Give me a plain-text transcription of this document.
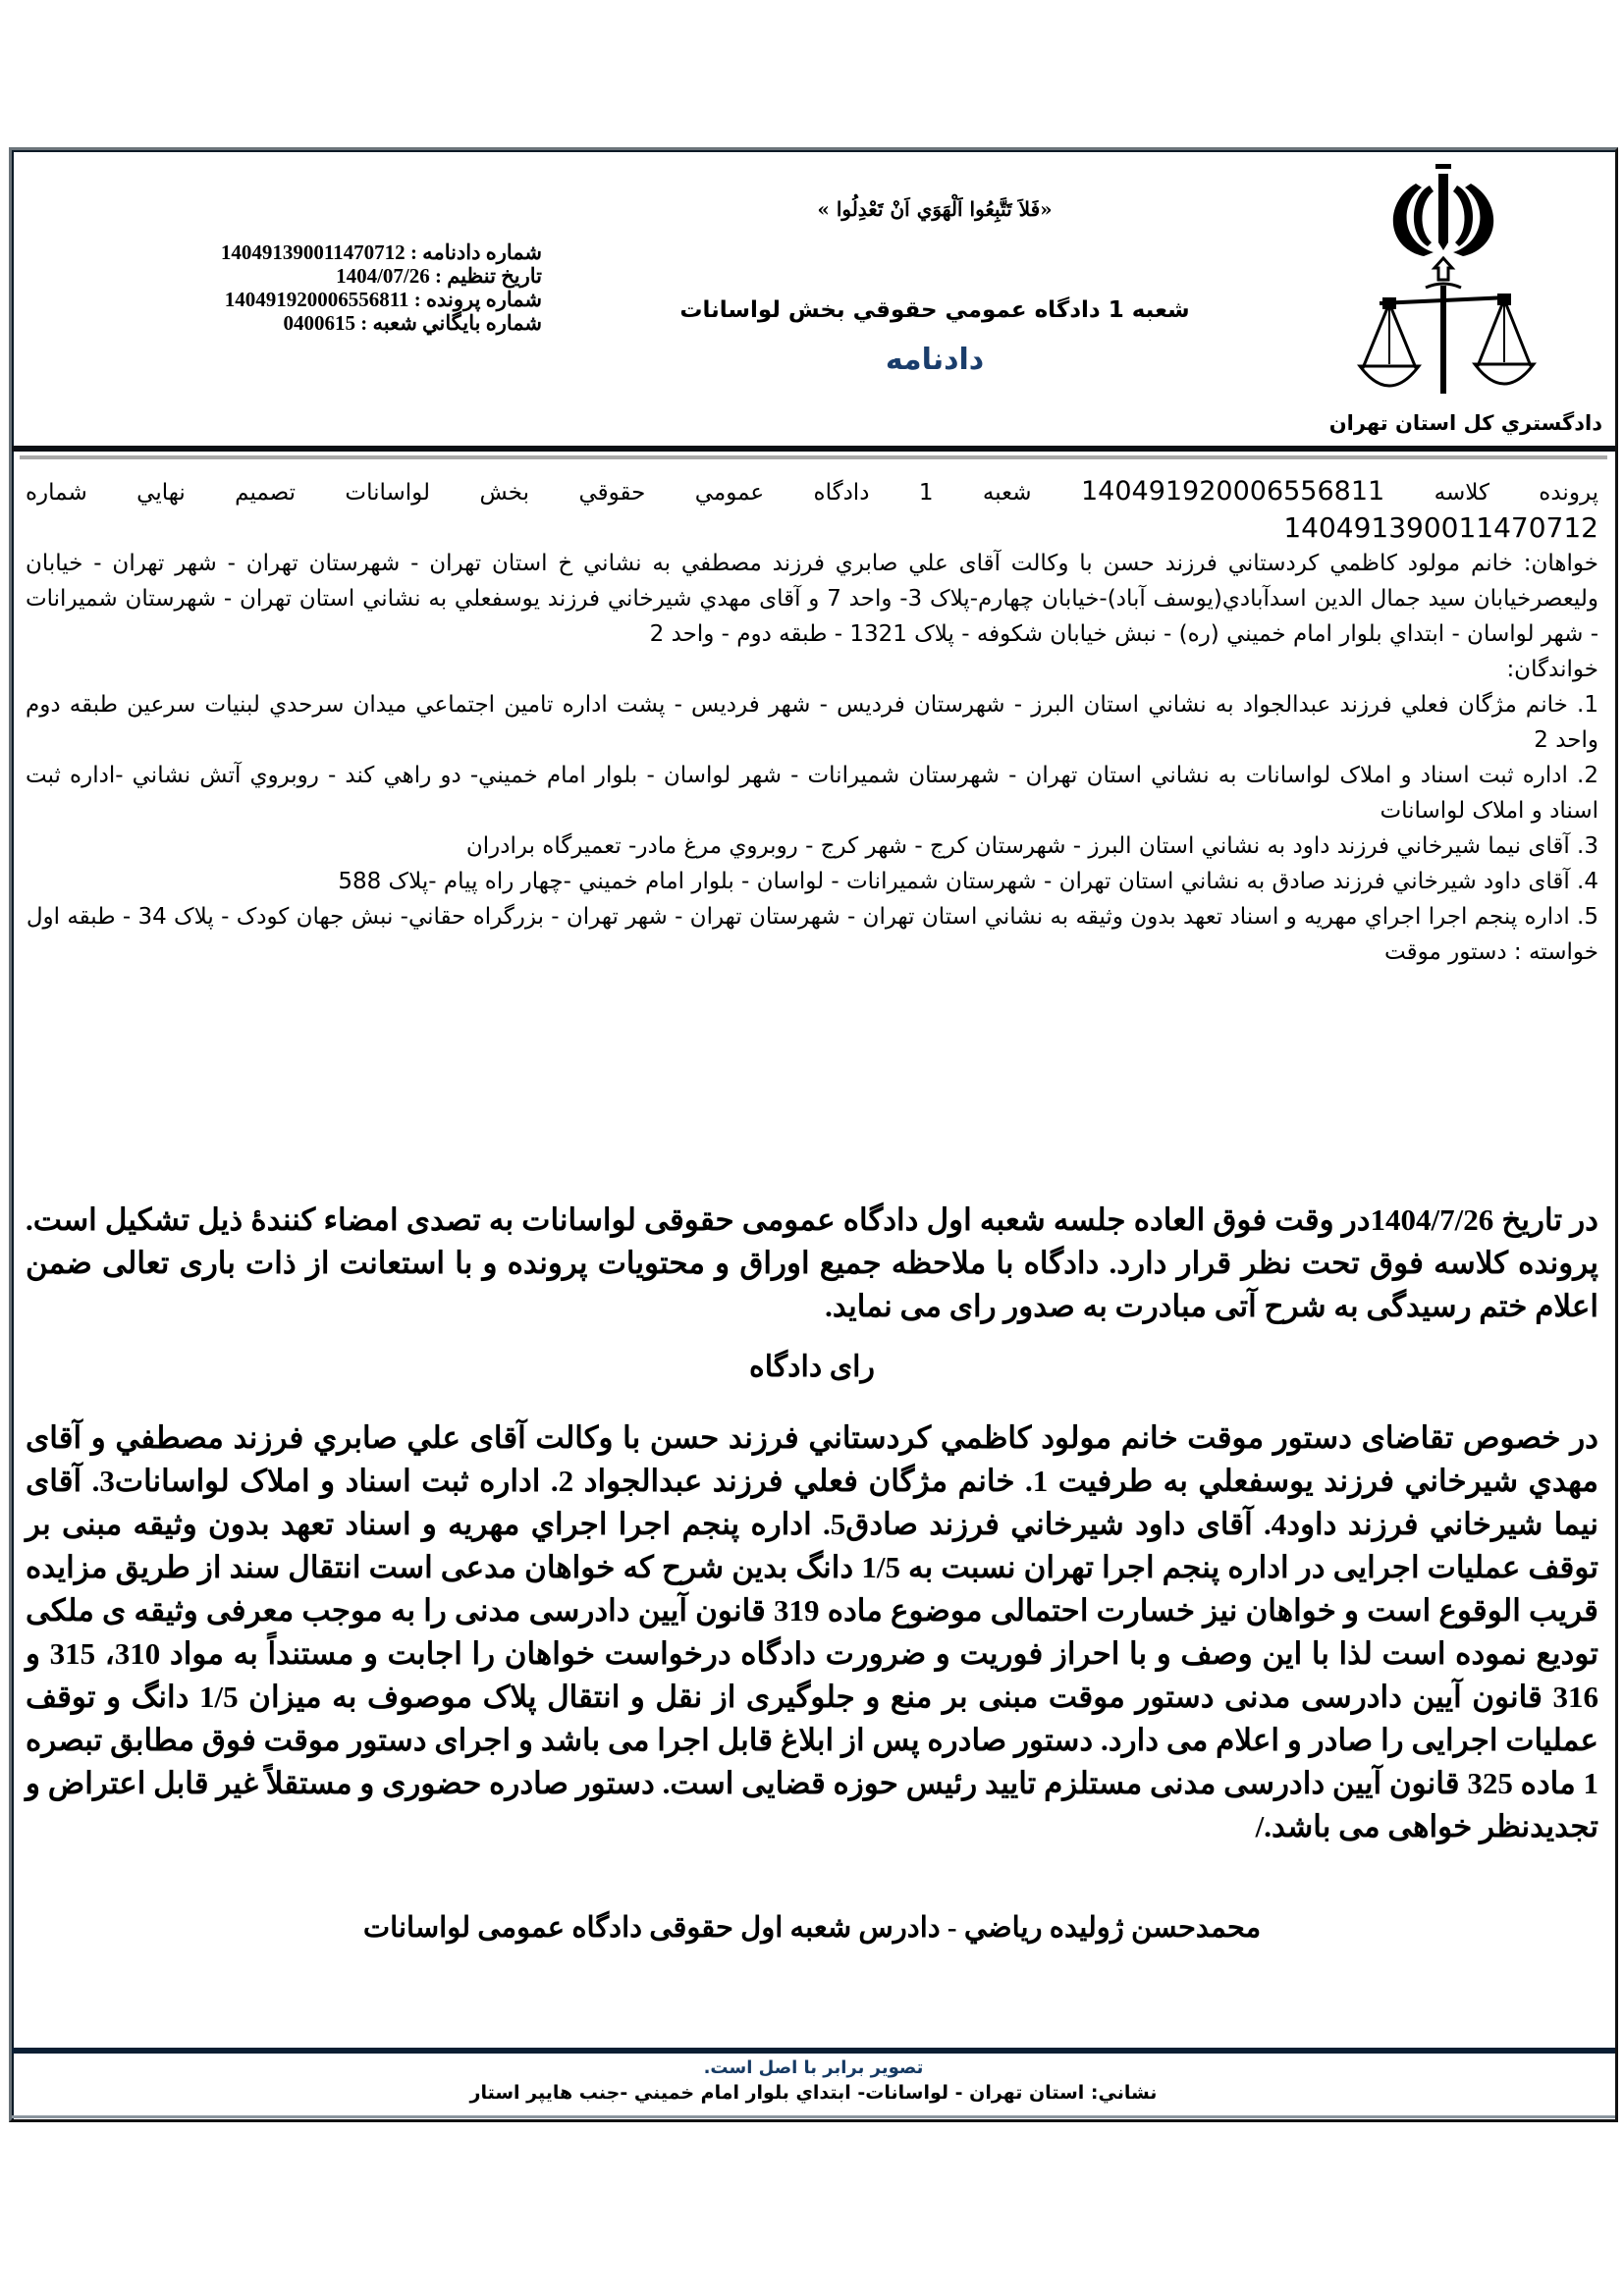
شماره دادنامه : 140491390011470712
تاريخ تنظيم : 1404/07/26
شماره پرونده : 140491920006556811
شماره بايگاني شعبه : 0400615
«فَلاَ تَتَّبِعُوا اَلْهَوَي اَنْ تَعْدِلُوا »
شعبه 1 دادگاه عمومي حقوقي بخش لواسانات
دادنامه
دادگستري کل استان تهران

پرونده کلاسه 140491920006556811 شعبه 1 دادگاه عمومي حقوقي بخش لواسانات تصميم نهايي شماره

140491390011470712

خواهان: خانم مولود کاظمي کردستاني فرزند حسن با وکالت آقای علي صابري فرزند مصطفي به نشاني خ استان تهران - شهرستان تهران - شهر تهران - خيابان وليعصرخيابان سيد جمال الدين اسدآبادي(يوسف آباد)-خيابان چهارم-پلاک 3- واحد 7 و آقای مهدي شيرخاني فرزند يوسفعلي به نشاني استان تهران - شهرستان شميرانات - شهر لواسان - ابتداي بلوار امام خميني (ره) - نبش خيابان شکوفه - پلاک 1321 - طبقه دوم - واحد 2

خواندگان:

1. خانم مژگان فعلي فرزند عبدالجواد به نشاني استان البرز - شهرستان فرديس - شهر فرديس - پشت اداره تامين اجتماعي ميدان سرحدي لبنيات سرعين طبقه دوم واحد 2

2. اداره ثبت اسناد و املاک لواسانات به نشاني استان تهران - شهرستان شميرانات - شهر لواسان - بلوار امام خميني- دو راهي کند - روبروي آتش نشاني -اداره ثبت اسناد و املاک لواسانات

3. آقای نيما شيرخاني فرزند داود به نشاني استان البرز - شهرستان کرج - شهر کرج - روبروي مرغ مادر- تعميرگاه برادران

4. آقای داود شيرخاني فرزند صادق به نشاني استان تهران - شهرستان شميرانات - لواسان - بلوار امام خميني -چهار راه پيام -پلاک 588

5. اداره پنجم اجرا اجراي مهريه و اسناد تعهد بدون وثيقه به نشاني استان تهران - شهرستان تهران - شهر تهران - بزرگراه حقاني- نبش جهان کودک - پلاک 34 - طبقه اول

خواسته : دستور موقت

در تاريخ 1404/7/26در وقت فوق العاده جلسه شعبه اول دادگاه عمومی حقوقی لواسانات به تصدی امضاء کنندۀ ذيل تشکيل است. پرونده کلاسه فوق تحت نظر قرار دارد. دادگاه با ملاحظه جميع اوراق و محتويات پرونده و با استعانت از ذات باری تعالی ضمن اعلام ختم رسيدگی به شرح آتی مبادرت به صدور رای می نمايد.

رای دادگاه

در خصوص تقاضای دستور موقت خانم مولود کاظمي کردستاني فرزند حسن با وکالت آقای علي صابري فرزند مصطفي و آقای مهدي شيرخاني فرزند يوسفعلي به طرفيت 1. خانم مژگان فعلي فرزند عبدالجواد 2. اداره ثبت اسناد و املاک لواسانات3. آقای نيما شيرخاني فرزند داود4. آقای داود شيرخاني فرزند صادق5. اداره پنجم اجرا اجراي مهريه و اسناد تعهد بدون وثيقه مبنی بر توقف عمليات اجرايی در اداره پنجم اجرا تهران نسبت به 1/5 دانگ بدين شرح که خواهان مدعی است انتقال سند از طريق مزايده قريب الوقوع است و خواهان نيز خسارت احتمالی موضوع ماده 319 قانون آيين دادرسی مدنی را به موجب معرفی وثيقه ی ملکی توديع نموده است لذا با اين وصف و با احراز فوريت و ضرورت دادگاه درخواست خواهان را اجابت و مستنداً به مواد 310، 315 و 316 قانون آيين دادرسی مدنی دستور موقت مبنی بر منع و جلوگيری از نقل و انتقال پلاک موصوف به ميزان 1/5 دانگ و توقف عمليات اجرايی را صادر و اعلام می دارد. دستور صادره پس از ابلاغ قابل اجرا می باشد و اجرای دستور موقت فوق مطابق تبصره 1 ماده 325 قانون آيين دادرسی مدنی مستلزم تاييد رئيس حوزه قضايی است. دستور صادره حضوری و مستقلاً غير قابل اعتراض و تجديدنظر خواهی می باشد./

محمدحسن ژوليده رياضي - دادرس شعبه اول حقوقی دادگاه عمومی لواسانات
تصوير برابر با اصل است.
نشاني: استان تهران - لواسانات- ابتداي بلوار امام خميني -جنب هايپر استار
